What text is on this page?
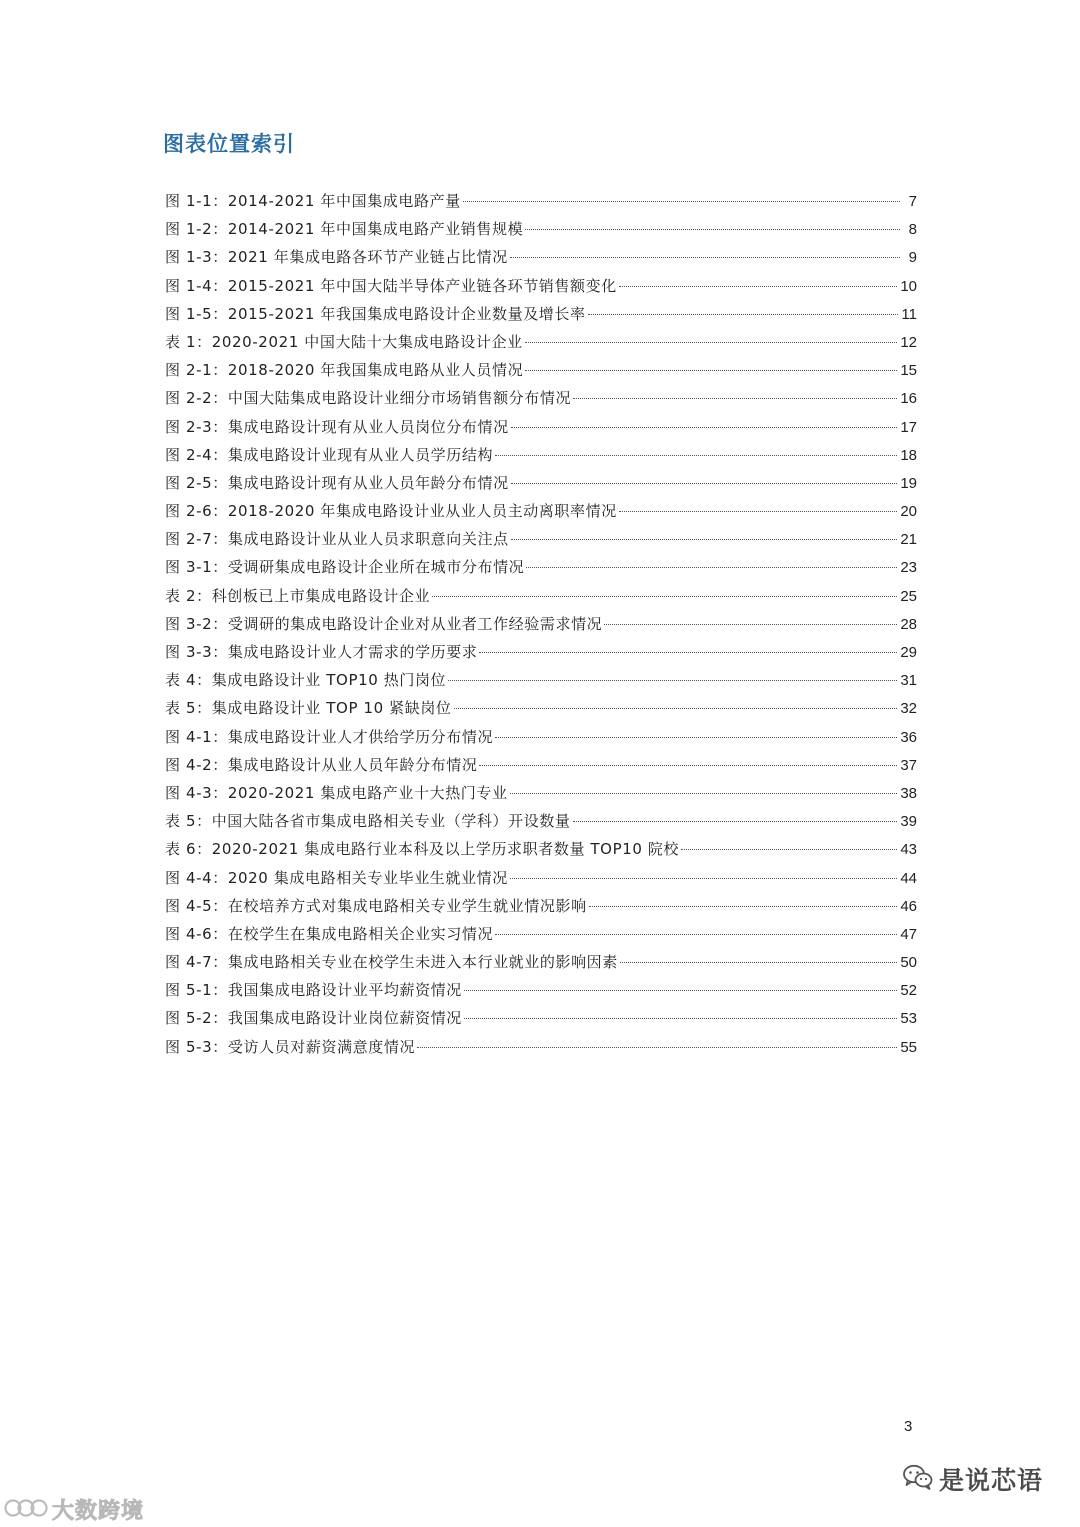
图表位置索引
图 1-1：2014-2021 年中国集成电路产量	7
图 1-2：2014-2021 年中国集成电路产业销售规模	8
图 1-3：2021 年集成电路各环节产业链占比情况	9
图 1-4：2015-2021 年中国大陆半导体产业链各环节销售额变化	10
图 1-5：2015-2021 年我国集成电路设计企业数量及增长率	11
表 1：2020-2021 中国大陆十大集成电路设计企业	12
图 2-1：2018-2020 年我国集成电路从业人员情况	15
图 2-2：中国大陆集成电路设计业细分市场销售额分布情况	16
图 2-3：集成电路设计现有从业人员岗位分布情况	17
图 2-4：集成电路设计业现有从业人员学历结构	18
图 2-5：集成电路设计现有从业人员年龄分布情况	19
图 2-6：2018-2020 年集成电路设计业从业人员主动离职率情况	20
图 2-7：集成电路设计业从业人员求职意向关注点	21
图 3-1：受调研集成电路设计企业所在城市分布情况	23
表 2：科创板已上市集成电路设计企业	25
图 3-2：受调研的集成电路设计企业对从业者工作经验需求情况	28
图 3-3：集成电路设计业人才需求的学历要求	29
表 4：集成电路设计业 TOP10 热门岗位	31
表 5：集成电路设计业 TOP 10 紧缺岗位	32
图 4-1：集成电路设计业人才供给学历分布情况	36
图 4-2：集成电路设计从业人员年龄分布情况	37
图 4-3：2020-2021 集成电路产业十大热门专业	38
表 5：中国大陆各省市集成电路相关专业（学科）开设数量	39
表 6：2020-2021 集成电路行业本科及以上学历求职者数量 TOP10 院校	43
图 4-4：2020 集成电路相关专业毕业生就业情况	44
图 4-5：在校培养方式对集成电路相关专业学生就业情况影响	46
图 4-6：在校学生在集成电路相关企业实习情况	47
图 4-7：集成电路相关专业在校学生未进入本行业就业的影响因素	50
图 5-1：我国集成电路设计业平均薪资情况	52
图 5-2：我国集成电路设计业岗位薪资情况	53
图 5-3：受访人员对薪资满意度情况	55
3
是说芯语
大数跨境
